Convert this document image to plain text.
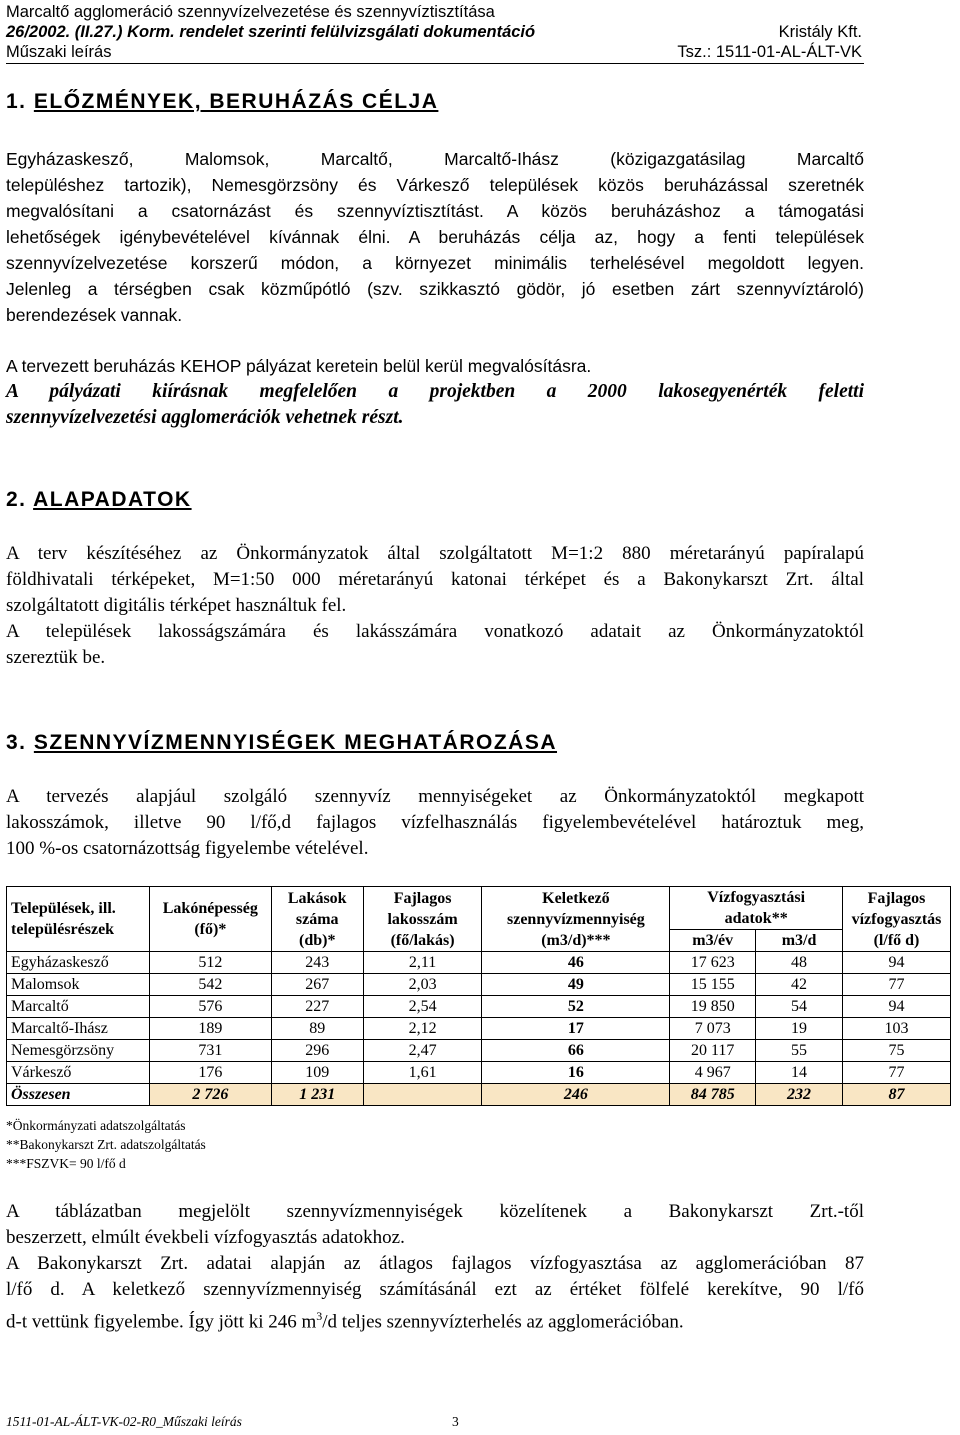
Marcaltő agglomeráció szennyvízelvezetése és szennyvíztisztítása
26/2002. (II.27.) Korm. rendelet szerinti felülvizsgálati dokumentáció	Kristály Kft.
Műszaki leírás	Tsz.: 1511-01-AL-ÁLT-VK
1. ELŐZMÉNYEK, BERUHÁZÁS CÉLJA
Egyházaskesző, Malomsok, Marcaltő, Marcaltő-Ihász (közigazgatásilag Marcaltő
településhez tartozik), Nemesgörzsöny és Várkesző települések közös beruházással szeretnék
megvalósítani a csatornázást és szennyvíztisztítást. A közös beruházáshoz a támogatási
lehetőségek igénybevételével kívánnak élni. A beruházás célja az, hogy a fenti települések
szennyvízelvezetése korszerű módon, a környezet minimális terhelésével megoldott legyen.
Jelenleg a térségben csak közműpótló (szv. szikkasztó gödör, jó esetben zárt szennyvíztároló)
berendezések vannak.
A tervezett beruházás KEHOP pályázat keretein belül kerül megvalósításra.
A pályázati kiírásnak megfelelően a projektben a 2000 lakosegyenérték feletti
szennyvízelvezetési agglomerációk vehetnek részt.
2. ALAPADATOK
A terv készítéséhez az Önkormányzatok által szolgáltatott M=1:2 880 méretarányú papíralapú
földhivatali térképeket, M=1:50 000 méretarányú katonai térképet és a Bakonykarszt Zrt. által
szolgáltatott digitális térképet használtuk fel.
A települések lakosságszámára és lakásszámára vonatkozó adatait az Önkormányzatoktól
szereztük be.
3. SZENNYVÍZMENNYISÉGEK MEGHATÁROZÁSA
A tervezés alapjául szolgáló szennyvíz mennyiségeket az Önkormányzatoktól megkapott
lakosszámok, illetve 90 l/fő,d fajlagos vízfelhasználás figyelembevételével határoztuk meg,
100 %-os csatornázottság figyelembe vételével.
Települések, ill. településrészek	Lakónépesség (fő)*	Lakások száma (db)*	Fajlagos lakosszám (fő/lakás)	Keletkező szennyvízmennyiség (m3/d)***	Vízfogyasztási adatok**		Fajlagos vízfogyasztás (l/fő d)
					m3/év	m3/d	
Egyházaskesző	512	243	2,11	46	17 623	48	94
Malomsok	542	267	2,03	49	15 155	42	77
Marcaltő	576	227	2,54	52	19 850	54	94
Marcaltő-Ihász	189	89	2,12	17	7 073	19	103
Nemesgörzsöny	731	296	2,47	66	20 117	55	75
Várkesző	176	109	1,61	16	4 967	14	77
Összesen	2 726	1 231		246	84 785	232	87
*Önkormányzati adatszolgáltatás
**Bakonykarszt Zrt. adatszolgáltatás
***FSZVK= 90 l/fő d
A táblázatban megjelölt szennyvízmennyiségek közelítenek a Bakonykarszt Zrt.-től
beszerzett, elmúlt évekbeli vízfogyasztás adatokhoz.
A Bakonykarszt Zrt. adatai alapján az átlagos fajlagos vízfogyasztása az agglomerációban 87
l/fő d. A keletkező szennyvízmennyiség számításánál ezt az értéket fölfelé kerekítve, 90 l/fő
d-t vettünk figyelembe. Így jött ki 246 $m^3/d$ teljes szennyvízterhelés az agglomerációban.
1511-01-AL-ÁLT-VK-02-R0_Műszaki leírás	3
